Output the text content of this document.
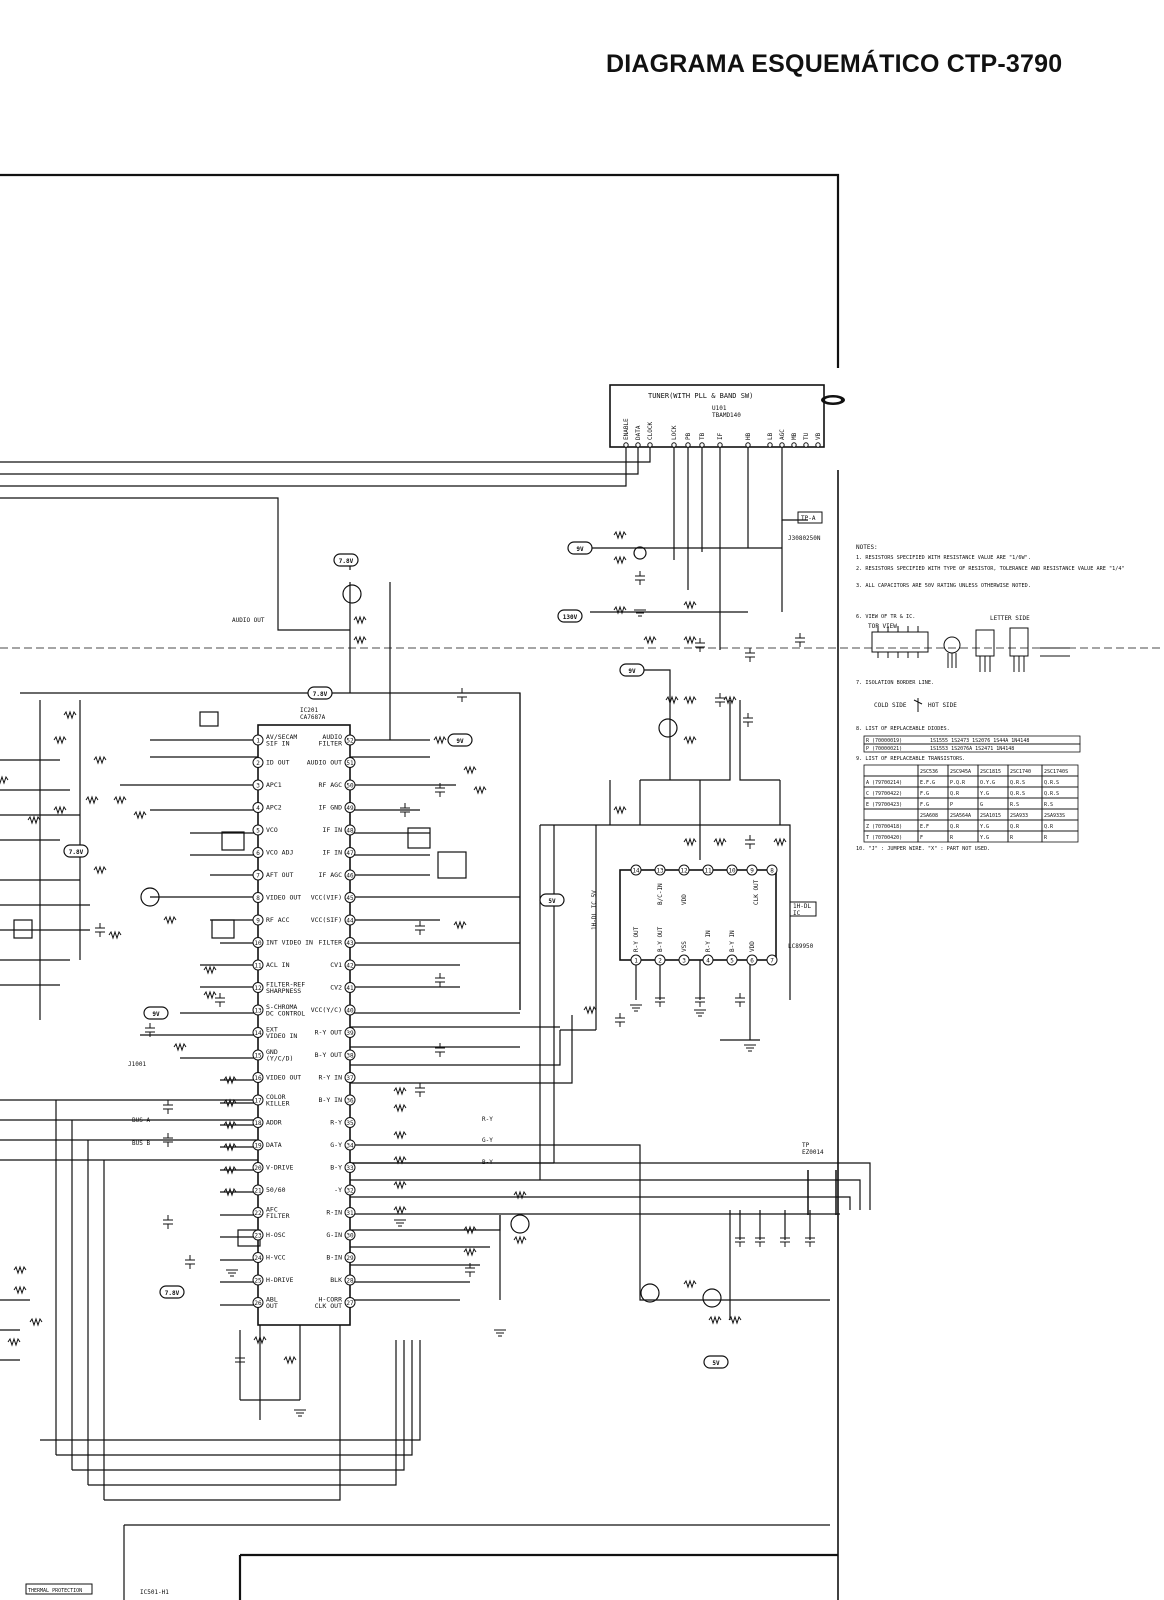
DIAGRAMA ESQUEMÁTICO CTP-3790
TUNER(WITH PLL & BAND SW)
U101 TBAMD140
ENABLE DATA CLOCK	LOCK PB TB IF	HB	LB AGC MB TU VB
IC201 CA7687A
1
AV/SECAM
SIF IN
2 ID OUT
3 APC1
4 APC2
5 VCO
6 VCO ADJ
7 AFT OUT
8 VIDEO OUT
9 RF ACC
10 INT VIDEO IN
11 ACL IN
12
FILTER-REF
SHARPNESS
13
S-CHROMA
DC CONTROL
14
EXT
VIDEO IN
15
GND
(Y/C/D)
16 VIDEO OUT
17
COLOR
KILLER
18 ADDR
19 DATA
20 V-DRIVE
21 50/60
22
AFC
FILTER
23 H-OSC
24 H-VCC
25 H-DRIVE
26
ABL
OUT
52
AUDIO
FILTER
51
AUDIO OUT
50
RF AGC
49
IF GND
48
IF IN
47
IF IN
46
IF AGC
45
VCC(VIF)
44
VCC(SIF)
43
FILTER
42
CV1
41
CV2
40
VCC(Y/C)
39
R-Y OUT
38
B-Y OUT
37
R-Y IN
36
B-Y IN
35
R-Y
34
G-Y
33
B-Y
32
-Y
31
R-IN
30
G-IN
29
B-IN
28
BLK
27
H-CORR
CLK OUT
1H-DL IC
LC89950
1H-DL IC 5V
14	13	12	11	10 9	8
B/C-IN	VDD	CLK OUT
1	2	3	4	5	6	7
R-Y OUT	B-Y OUT	VSS	R-Y IN	B-Y IN VDD
7.8V
9V
130V
9V
9V
5V
9V
7.8V
7.8V
7.8V
5V
AUDIO OUT
TP-A
J3080250N
TP EZ0014
BUS A
BUS B
R-Y
G-Y
B-Y
J1001
IC501-H1
THERMAL PROTECTION
NOTES:
1. RESISTORS SPECIFIED WITH RESISTANCE VALUE ARE "1/6W".
2. RESISTORS SPECIFIED WITH TYPE OF RESISTOR, TOLERANCE AND RESISTANCE VALUE ARE "1/4"
3. ALL CAPACITORS ARE 50V RATING UNLESS OTHERWISE NOTED.
6. VIEW OF TR & IC.
7. ISOLATION BORDER LINE.
8. LIST OF REPLACEABLE DIODES.
9. LIST OF REPLACEABLE TRANSISTORS.
10. "J" : JUMPER WIRE. "X" : PART NOT USED.
TOP VIEW
LETTER SIDE
COLD SIDE	HOT SIDE
R (70000019)	1S1555 1S2473 1S2076 1S44A 1N4148
P (70000021)	1S1553 1S2076A 1S2471 1N4148
2SC536 2SC945A 2SC1815 2SC1740	2SC1740S
A (79700214)	E.F.G	P.Q.R	O.Y.G	Q.R.S	Q.R.S
C (79700422)	F.G	Q.R	Y.G	Q.R.S	Q.R.S
E (79700423)	F.G	P	G	R.S	R.S
2SA608 2SA564A 2SA1015 2SA933	2SA933S
Z (70700418)	E.F	Q.R	Y.G	Q.R	Q.R
T (70700420)	F	R	Y.G	R	R
